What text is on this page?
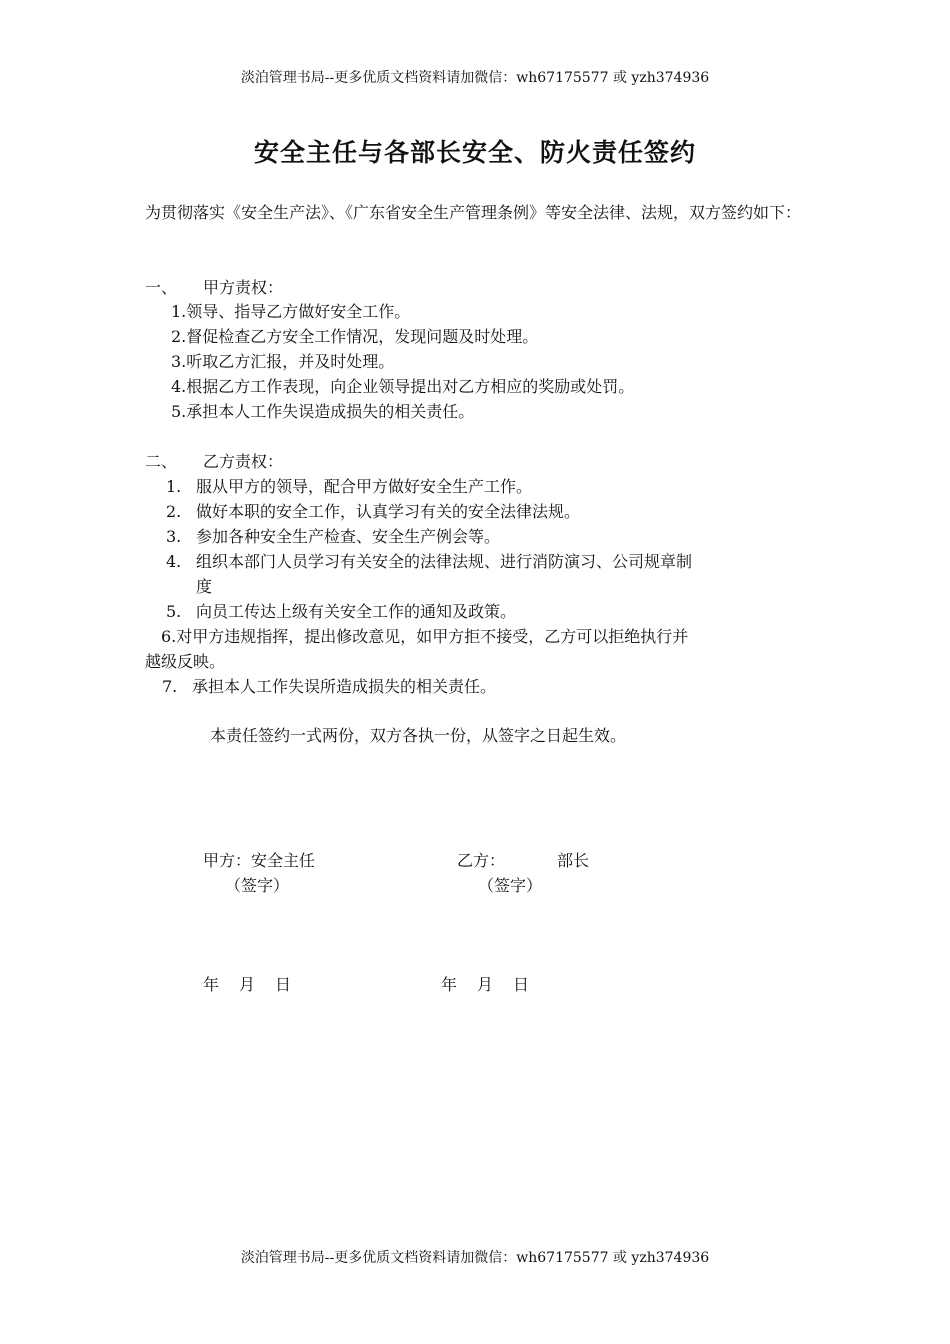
淡泊管理书局--更多优质文档资料请加微信：wh67175577 或 yzh374936
安全主任与各部长安全、防火责任签约
为贯彻落实《安全生产法》、《广东省安全生产管理条例》等安全法律、法规，双方签约如下：
一、 甲方责权：
1.领导、指导乙方做好安全工作。
2.督促检查乙方安全工作情况，发现问题及时处理。
3.听取乙方汇报，并及时处理。
4.根据乙方工作表现，向企业领导提出对乙方相应的奖励或处罚。
5.承担本人工作失误造成损失的相关责任。
二、 乙方责权：
1. 服从甲方的领导，配合甲方做好安全生产工作。
2. 做好本职的安全工作，认真学习有关的安全法律法规。
3. 参加各种安全生产检查、安全生产例会等。
4. 组织本部门人员学习有关安全的法律法规、进行消防演习、公司规章制
度
5. 向员工传达上级有关安全工作的通知及政策。
6.对甲方违规指挥，提出修改意见，如甲方拒不接受，乙方可以拒绝执行并
越级反映。
7. 承担本人工作失误所造成损失的相关责任。
本责任签约一式两份，双方各执一份，从签字之日起生效。
甲方：安全主任
（签字）
乙方：	部长
（签字）
年　月　日	年　月　日
淡泊管理书局--更多优质文档资料请加微信：wh67175577 或 yzh374936
